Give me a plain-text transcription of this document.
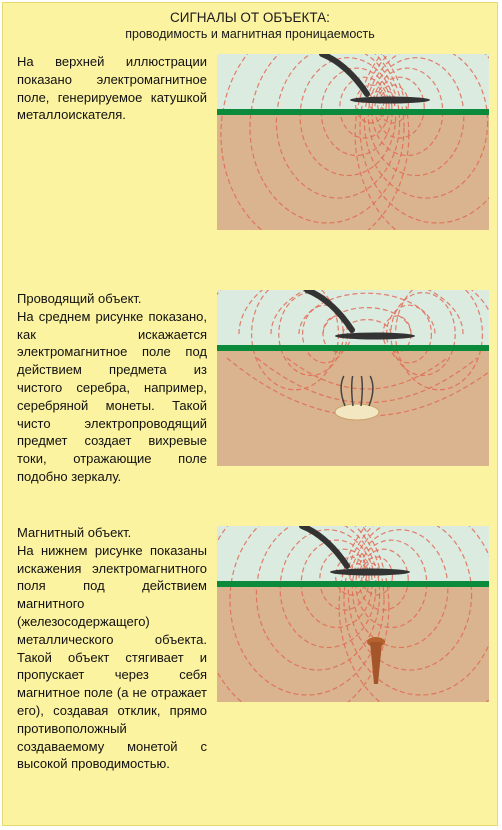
СИГНАЛЫ ОТ ОБЪЕКТА:
проводимость и магнитная проницаемость
На верхней иллюстрации показано электромагнитное поле, генерируемое катушкой металлоискателя.
Проводящий объект.
На среднем рисунке показано, как искажается электромагнитное поле под действием предмета из чистого серебра, например, серебряной монеты. Такой чисто электропроводящий предмет создает вихревые токи, отражающие поле подобно зеркалу.
Магнитный объект.
На нижнем рисунке показаны искажения электромагнитного поля под действием магнитного (железосодержащего) металлического объекта. Такой объект стягивает и пропускает через себя магнитное поле (а не отражает его), создавая отклик, прямо противоположный создаваемому монетой с высокой проводимостью.
